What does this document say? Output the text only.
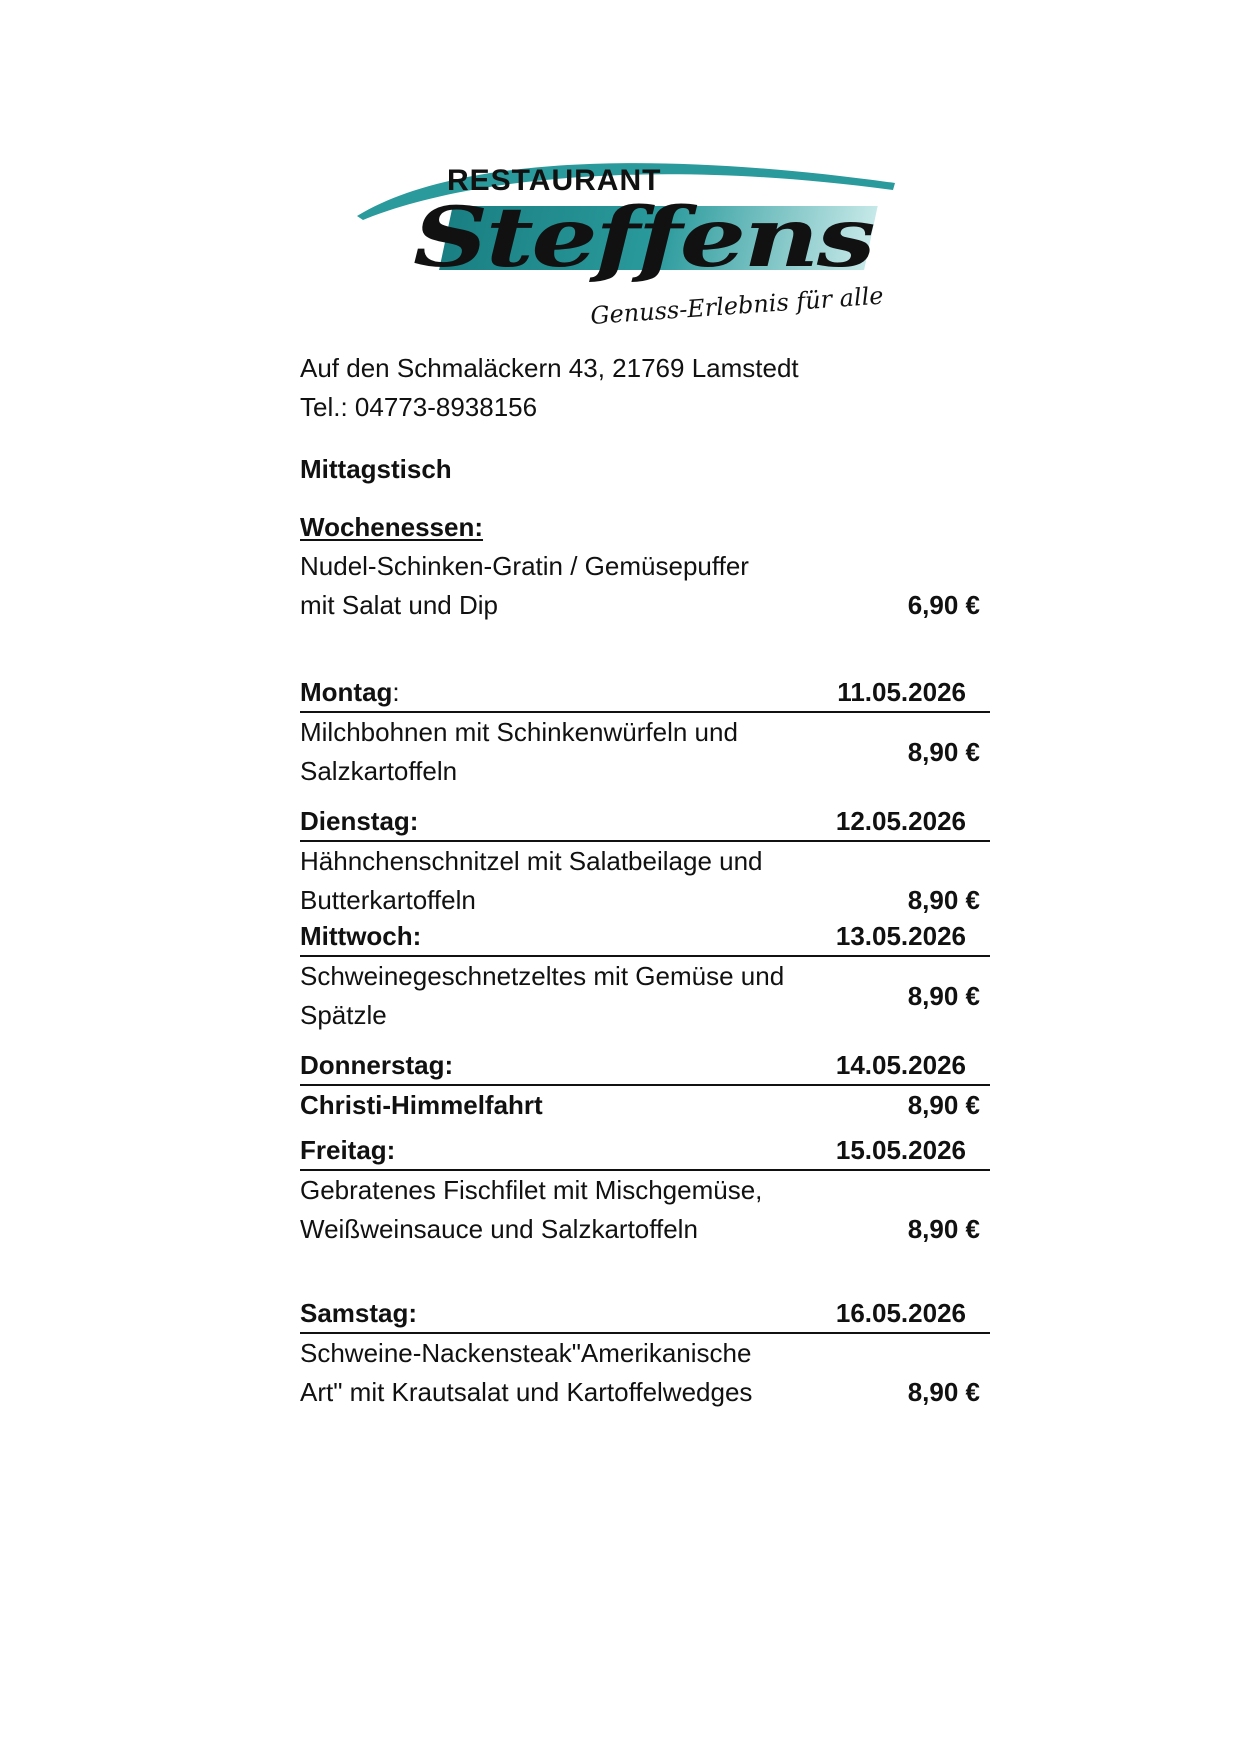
RESTAURANT
Steffens
Genuss-Erlebnis für alle
Auf den Schmaläckern 43, 21769 Lamstedt
Tel.: 04773-8938156
Mittagstisch
Wochenessen:
Nudel-Schinken-Gratin / Gemüsepuffer
mit Salat und Dip	6,90 €
Montag:	11.05.2026
Milchbohnen mit Schinkenwürfeln und
Salzkartoffeln
8,90 €
Dienstag:	12.05.2026
Hähnchenschnitzel mit Salatbeilage und
Butterkartoffeln	8,90 €
Mittwoch:	13.05.2026
Schweinegeschnetzeltes mit Gemüse und
Spätzle
8,90 €
Donnerstag:	14.05.2026
Christi-Himmelfahrt	8,90 €
Freitag:	15.05.2026
Gebratenes Fischfilet mit Mischgemüse,
Weißweinsauce und Salzkartoffeln	8,90 €
Samstag:	16.05.2026
Schweine-Nackensteak"Amerikanische
Art" mit Krautsalat und Kartoffelwedges	8,90 €
